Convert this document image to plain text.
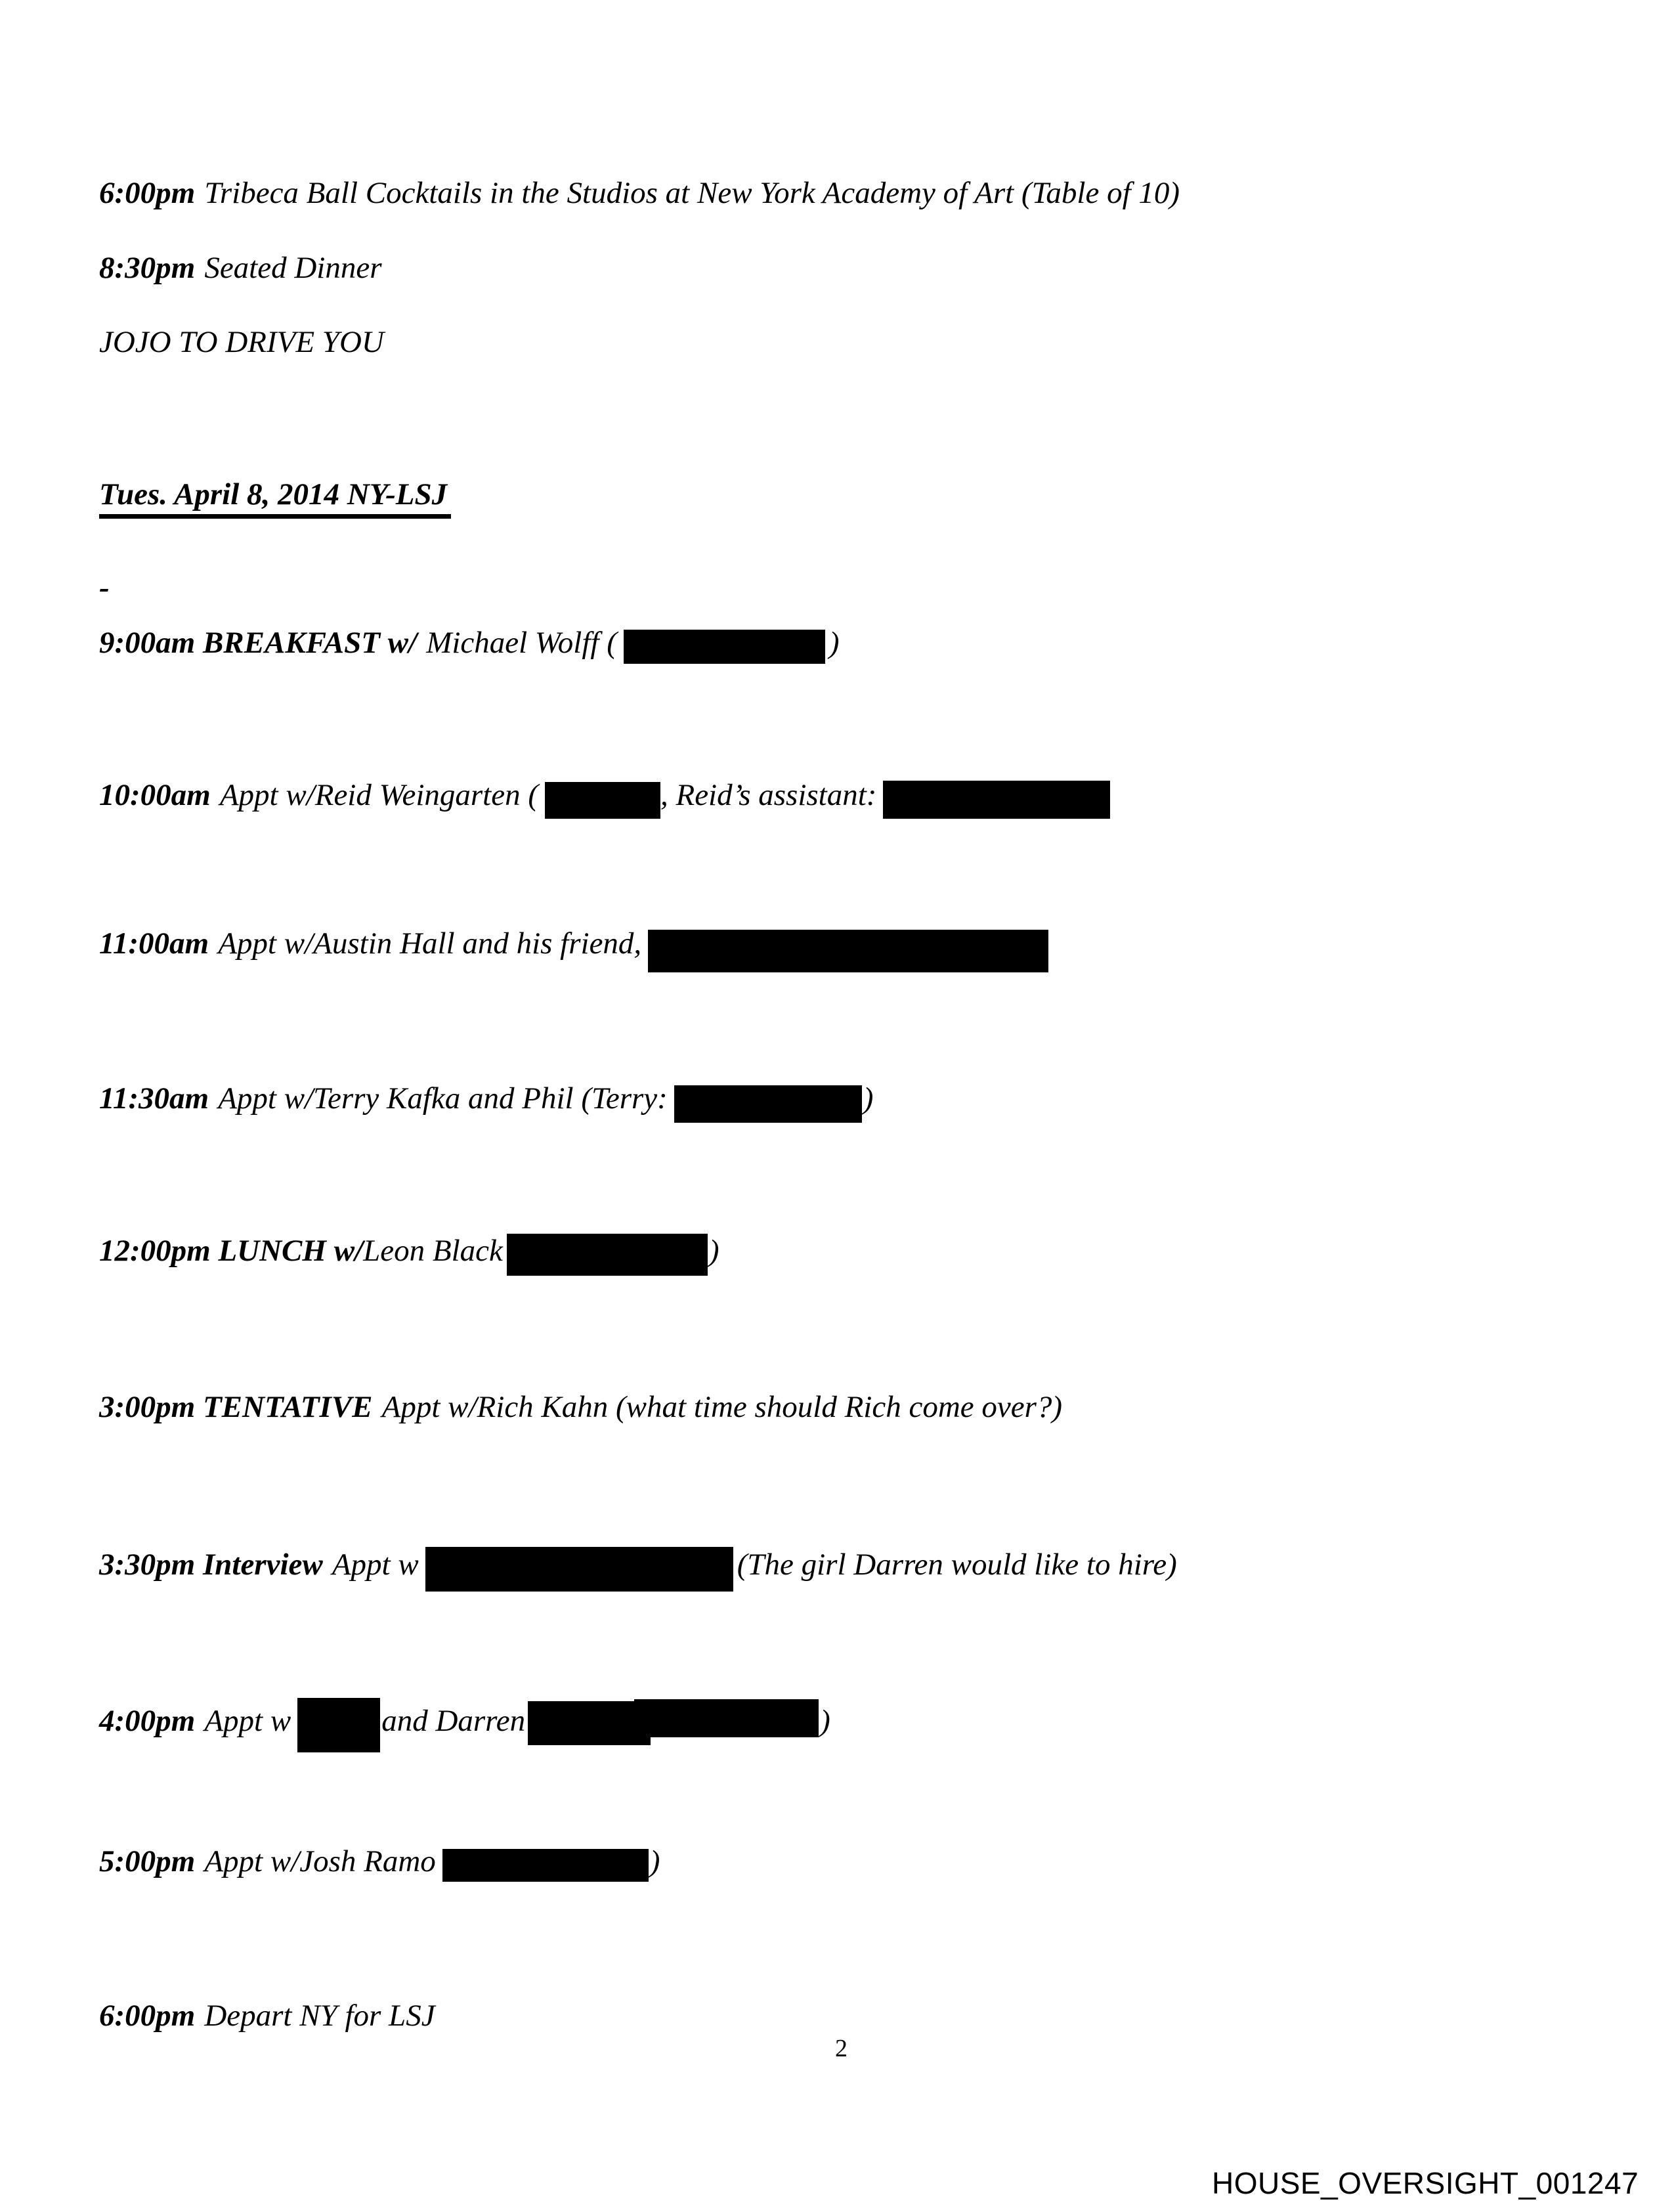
6:00pm Tribeca Ball Cocktails in the Studios at New York Academy of Art (Table of 10)
8:30pm Seated Dinner
JOJO TO DRIVE YOU
Tues. April 8, 2014 NY-LSJ
-
9:00am BREAKFAST w/ Michael Wolff (	)
10:00am Appt w/Reid Weingarten (	, Reid’s assistant:
11:00am Appt w/Austin Hall and his friend,
11:30am Appt w/Terry Kafka and Phil (Terry:	)
12:00pm LUNCH w/Leon Black	)
3:00pm TENTATIVE Appt w/Rich Kahn (what time should Rich come over?)
3:30pm Interview Appt w	(The girl Darren would like to hire)
4:00pm Appt w	and Darren	)
5:00pm Appt w/Josh Ramo	)
6:00pm Depart NY for LSJ
2
HOUSE_OVERSIGHT_001247
